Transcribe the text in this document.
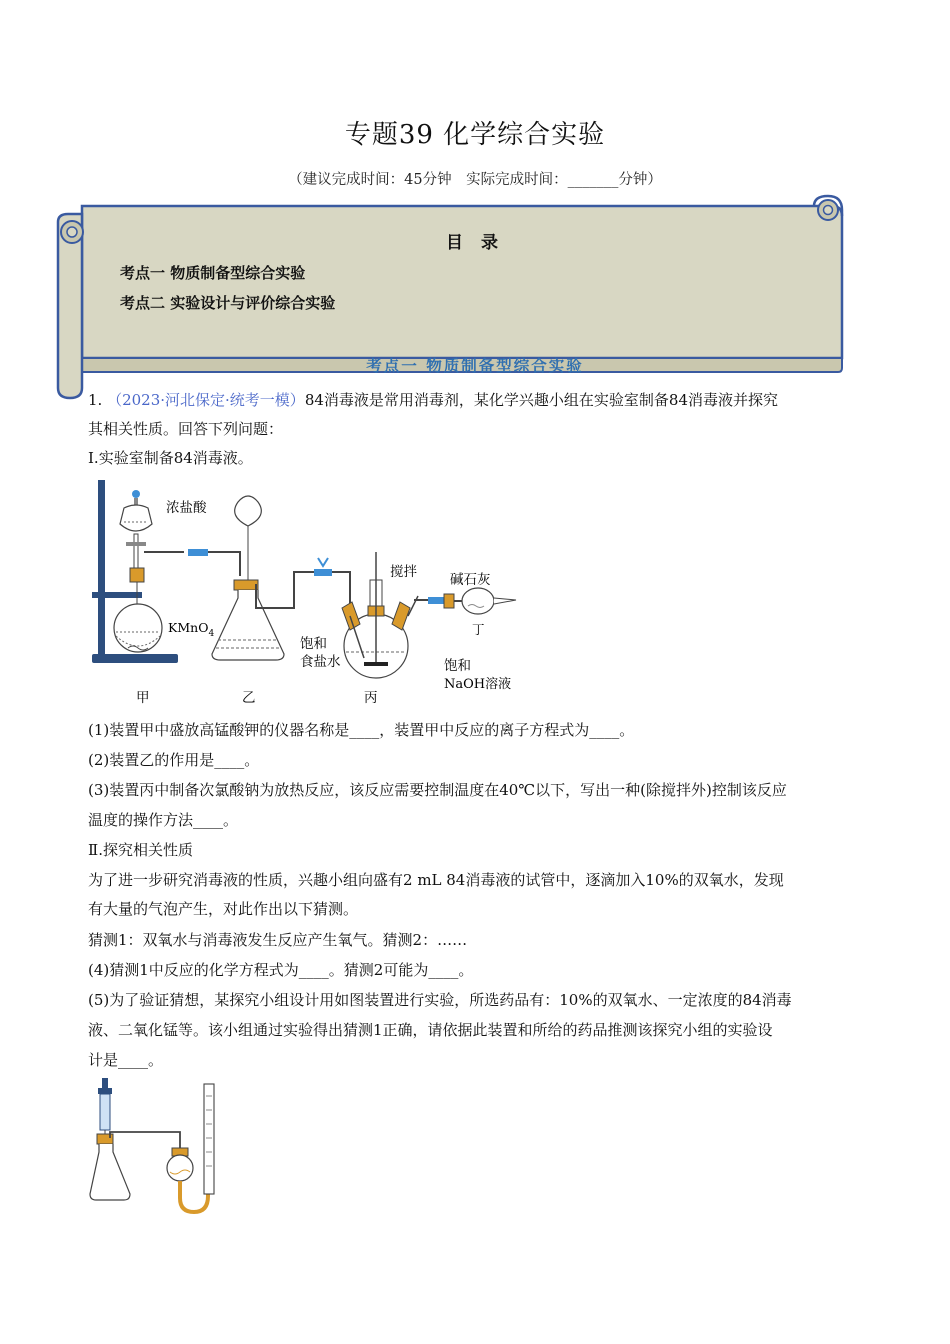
专题39 化学综合实验
（建议完成时间：45分钟　实际完成时间：_______分钟）
目 录
考点一 物质制备型综合实验
考点二 实验设计与评价综合实验
考点一 物质制备型综合实验
1. （2023·河北保定·统考一模）84消毒液是常用消毒剂，某化学兴趣小组在实验室制备84消毒液并探究
其相关性质。回答下列问题：
I.实验室制备84消毒液。
浓盐酸
KMnO$_4$
饱和
食盐水
搅拌 碱石灰
丁
饱和
NaOH溶液
甲	乙	丙
(1)装置甲中盛放高锰酸钾的仪器名称是____，装置甲中反应的离子方程式为____。
(2)装置乙的作用是____。
(3)装置丙中制备次氯酸钠为放热反应，该反应需要控制温度在40℃以下，写出一种(除搅拌外)控制该反应
温度的操作方法____。
Ⅱ.探究相关性质
为了进一步研究消毒液的性质，兴趣小组向盛有2 mL 84消毒液的试管中，逐滴加入10%的双氧水，发现
有大量的气泡产生，对此作出以下猜测。
猜测1：双氧水与消毒液发生反应产生氧气。猜测2：……
(4)猜测1中反应的化学方程式为____。猜测2可能为____。
(5)为了验证猜想，某探究小组设计用如图装置进行实验，所选药品有：10%的双氧水、一定浓度的84消毒
液、二氧化锰等。该小组通过实验得出猜测1正确，请依据此装置和所给的药品推测该探究小组的实验设
计是____。
